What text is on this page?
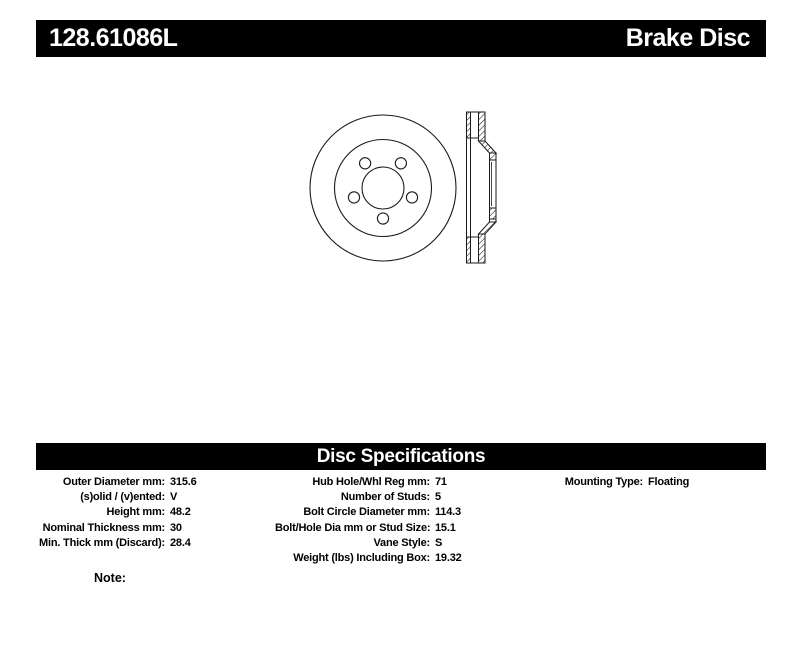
128.61086L	Brake Disc
Disc Specifications
Outer Diameter mm: 315.6
(s)olid / (v)ented: V
Height mm: 48.2
Nominal Thickness mm: 30
Min. Thick mm (Discard): 28.4
Hub Hole/Whl Reg mm: 71
Number of Studs: 5
Bolt Circle Diameter mm: 114.3
Bolt/Hole Dia mm or Stud Size: 15.1
Vane Style: S
Weight (lbs) Including Box: 19.32
Mounting Type: Floating
Note:
